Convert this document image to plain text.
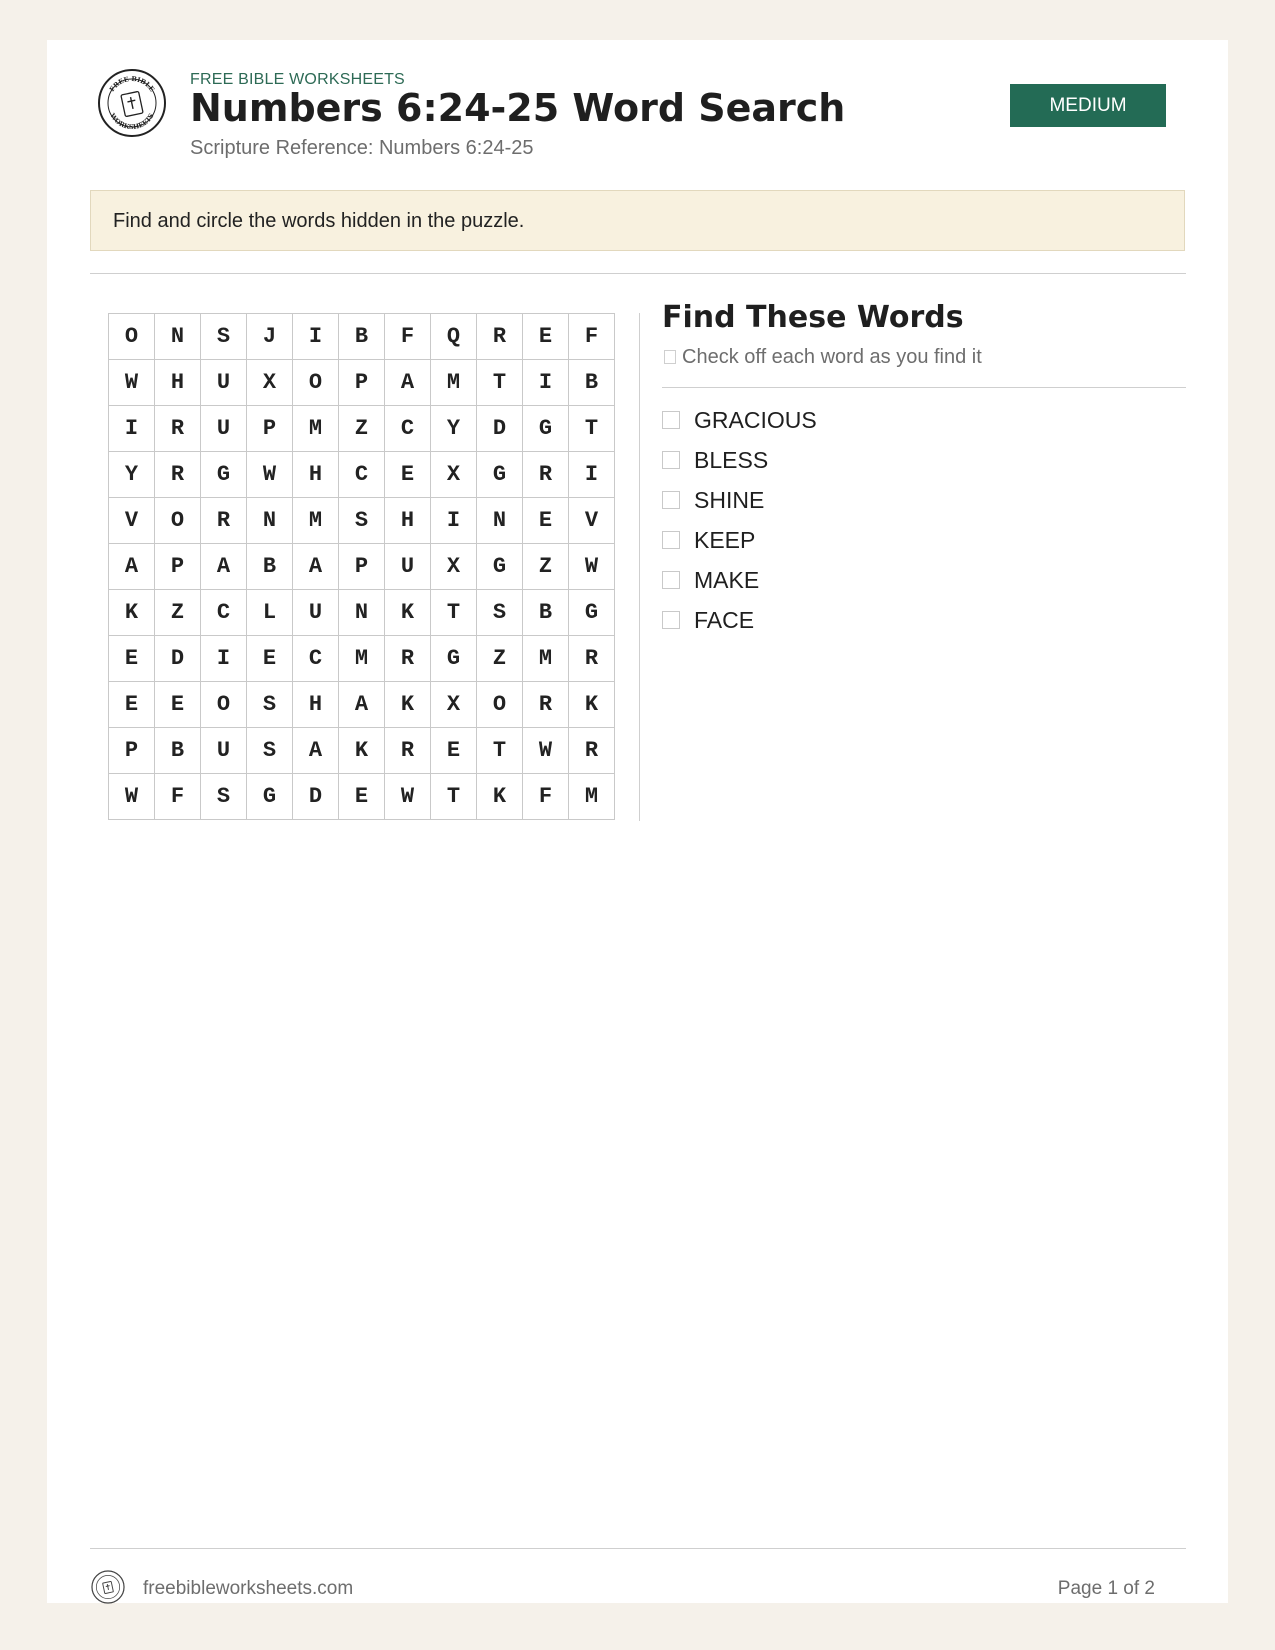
FREE BIBLE
WORKSHEETS
FREE BIBLE WORKSHEETS
Numbers 6:24-25 Word Search
Scripture Reference: Numbers 6:24-25
MEDIUM
Find and circle the words hidden in the puzzle.
O	N	S	J	I	B	F	Q	R	E	F
W	H	U	X	O	P	A	M	T	I	B
I	R	U	P	M	Z	C	Y	D	G	T
Y	R	G	W	H	C	E	X	G	R	I
V	O	R	N	M	S	H	I	N	E	V
A	P	A	B	A	P	U	X	G	Z	W
K	Z	C	L	U	N	K	T	S	B	G
E	D	I	E	C	M	R	G	Z	M	R
E	E	O	S	H	A	K	X	O	R	K
P	B	U	S	A	K	R	E	T	W	R
W	F	S	G	D	E	W	T	K	F	M
Find These Words
Check off each word as you find it
GRACIOUS
BLESS
SHINE
KEEP
MAKE
FACE
freebibleworksheets.com	Page 1 of 2
